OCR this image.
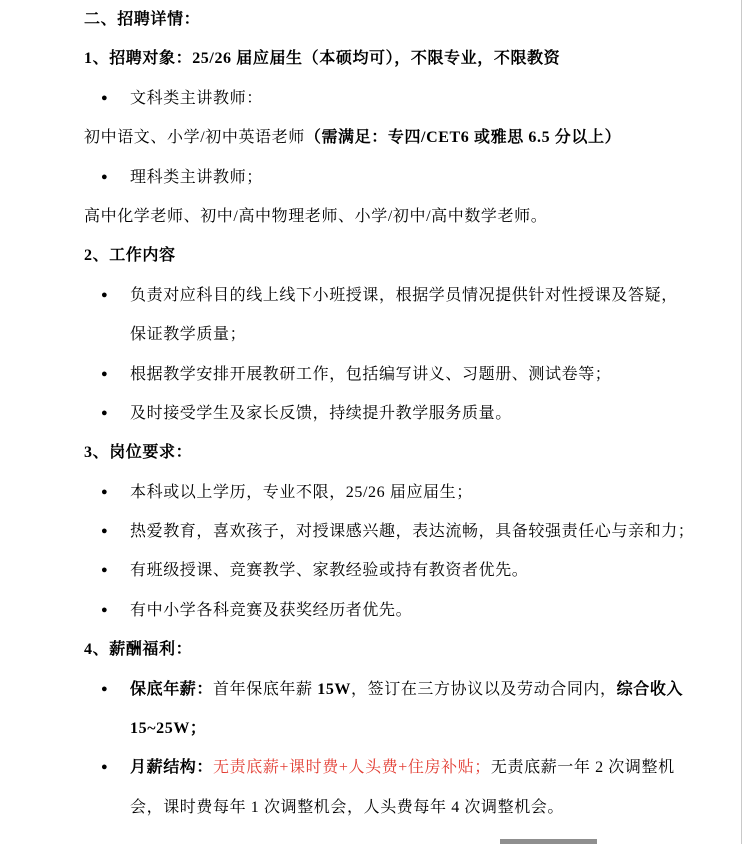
二、招聘详情：
1、招聘对象：25/26 届应届生（本硕均可），不限专业，不限教资
● 文科类主讲教师：
初中语文、小学/初中英语老师（需满足：专四/CET6 或雅思 6.5 分以上）
● 理科类主讲教师；
高中化学老师、初中/高中物理老师、小学/初中/高中数学老师。
2、工作内容
● 负责对应科目的线上线下小班授课，根据学员情况提供针对性授课及答疑，
保证教学质量；
● 根据教学安排开展教研工作，包括编写讲义、习题册、测试卷等；
● 及时接受学生及家长反馈，持续提升教学服务质量。
3、岗位要求：
● 本科或以上学历，专业不限，25/26 届应届生；
● 热爱教育，喜欢孩子，对授课感兴趣，表达流畅，具备较强责任心与亲和力；
● 有班级授课、竞赛教学、家教经验或持有教资者优先。
● 有中小学各科竞赛及获奖经历者优先。
4、薪酬福利：
● 保底年薪：首年保底年薪 15W，签订在三方协议以及劳动合同内，综合收入
15~25W；
● 月薪结构：无责底薪+课时费+人头费+住房补贴；无责底薪一年 2 次调整机
会，课时费每年 1 次调整机会，人头费每年 4 次调整机会。
